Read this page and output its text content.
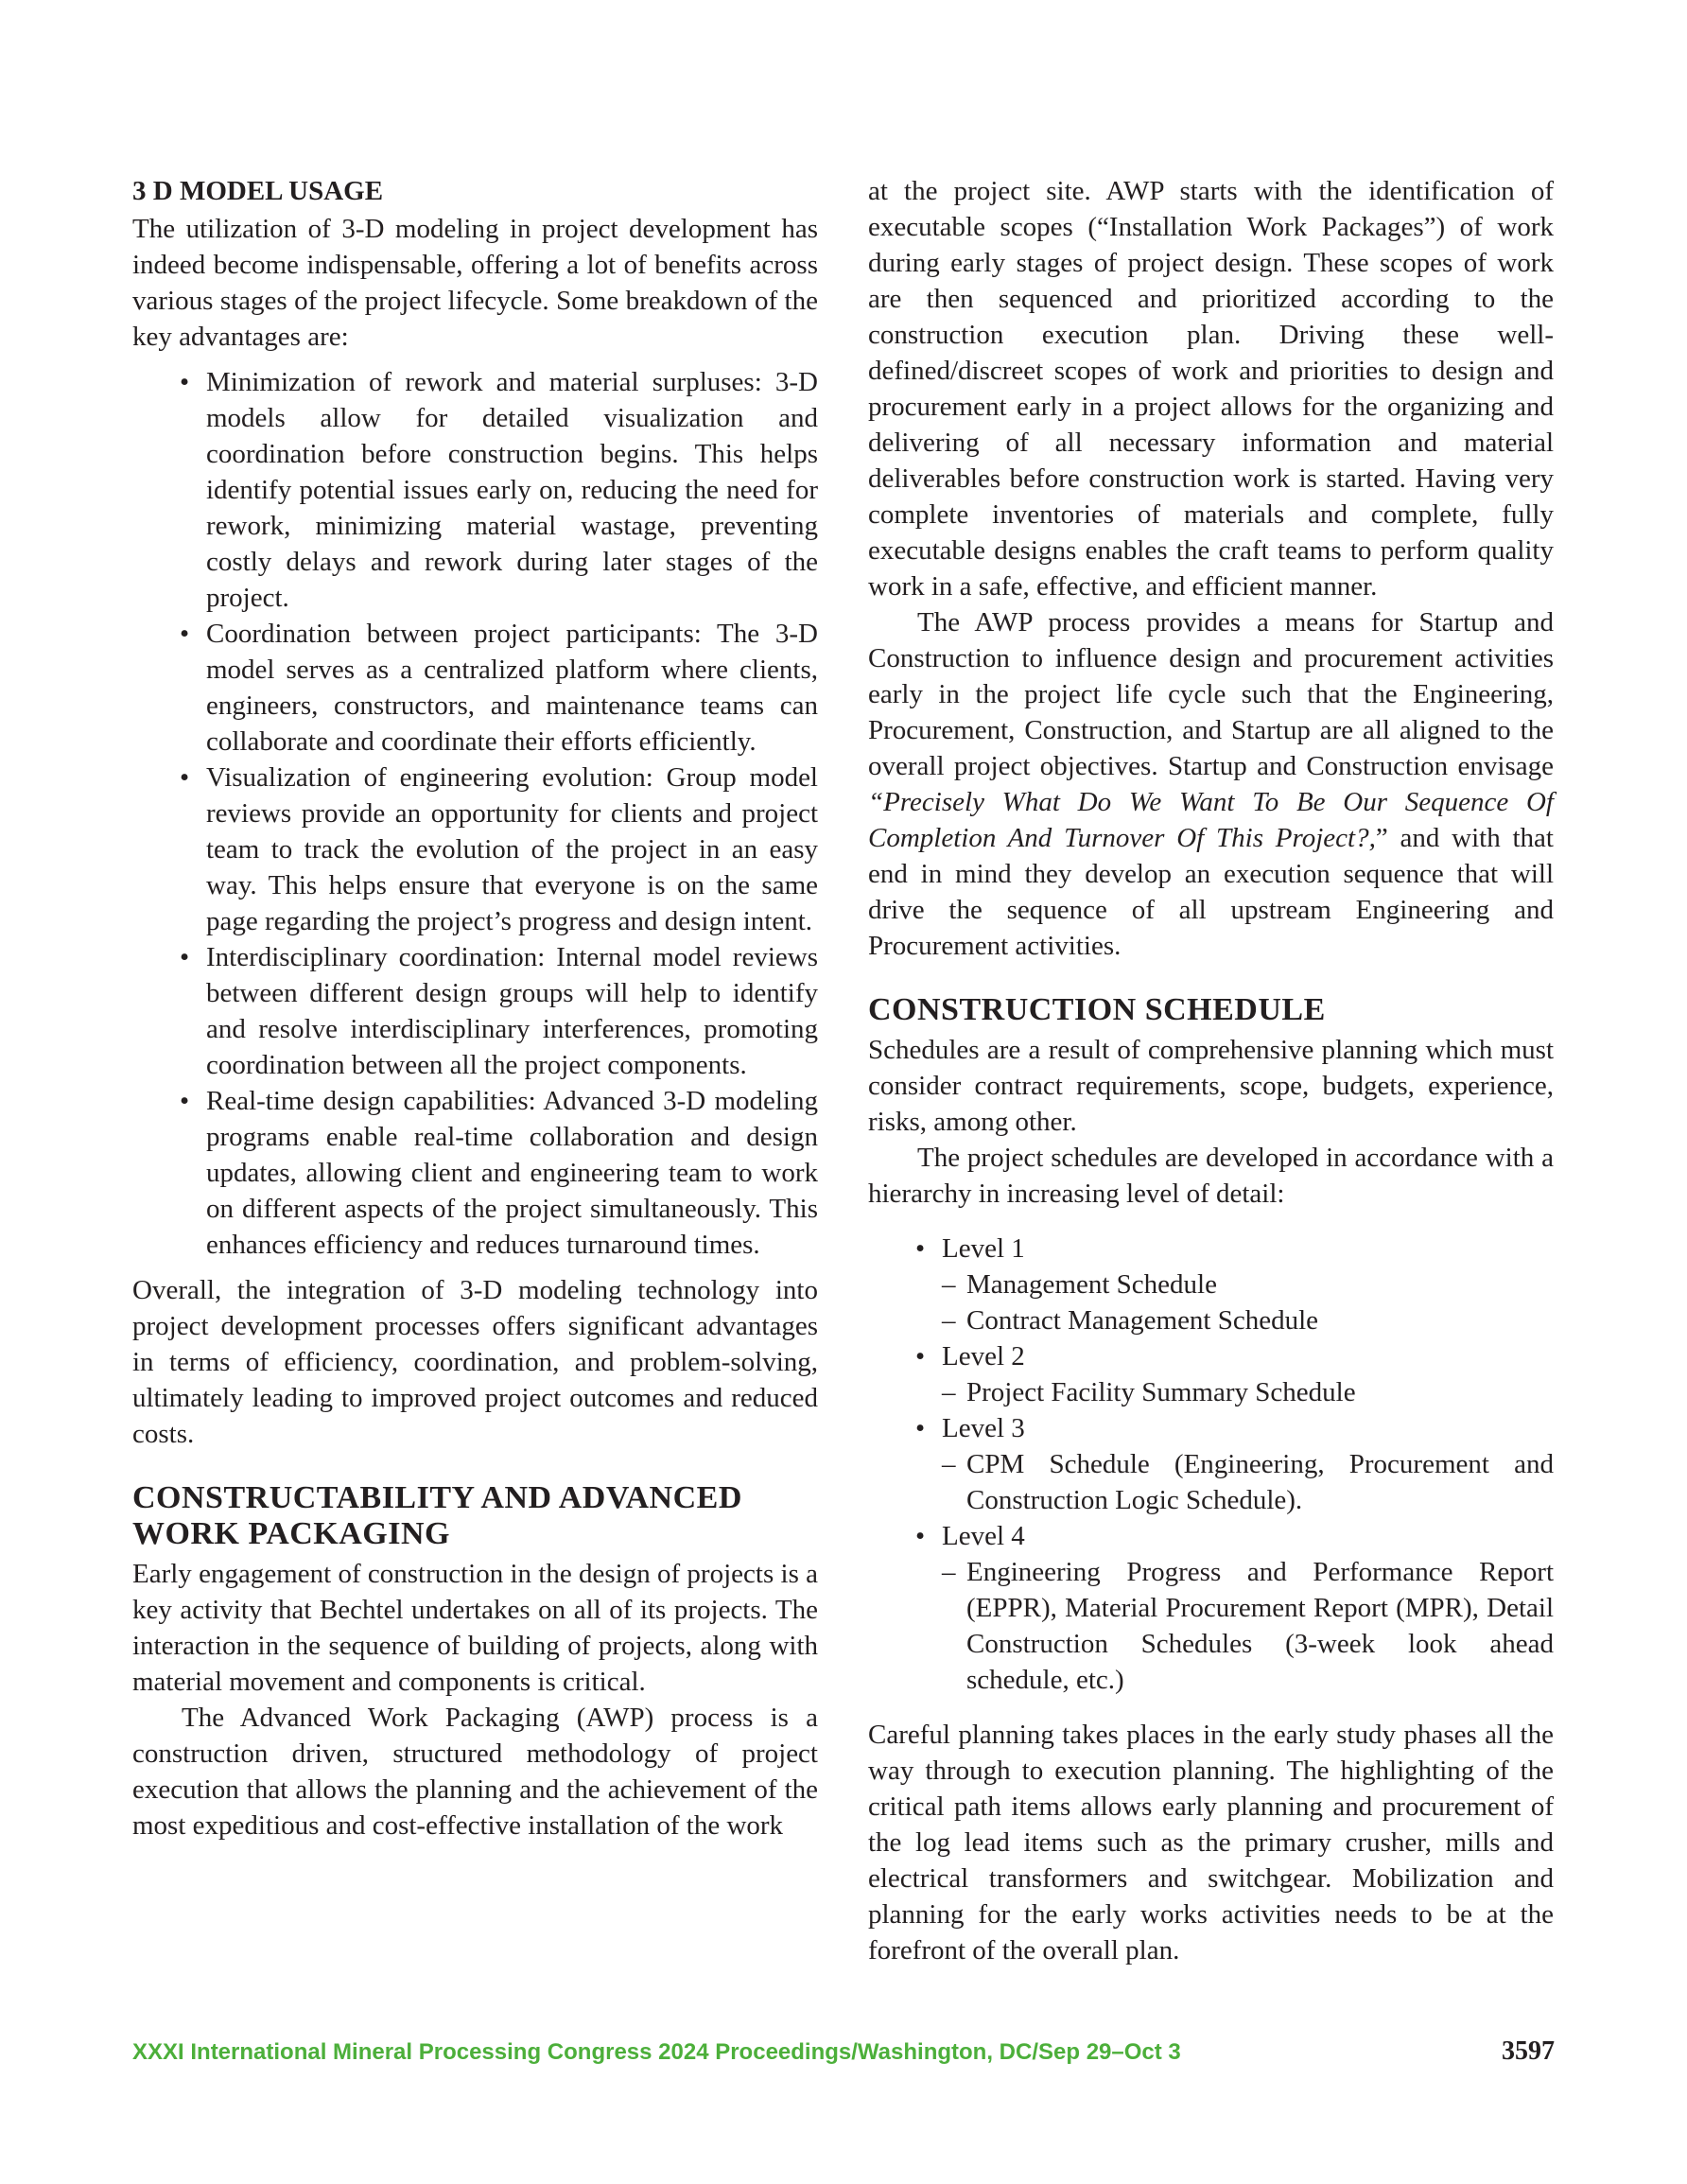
3 D MODEL USAGE

The utilization of 3-D modeling in project development has indeed become indispensable, offering a lot of benefits across various stages of the project lifecycle. Some breakdown of the key advantages are:

• Minimization of rework and material surpluses: 3-D models allow for detailed visualization and coordination before construction begins. This helps identify potential issues early on, reducing the need for rework, minimizing material wastage, preventing costly delays and rework during later stages of the project.
• Coordination between project participants: The 3-D model serves as a centralized platform where clients, engineers, constructors, and maintenance teams can collaborate and coordinate their efforts efficiently.
• Visualization of engineering evolution: Group model reviews provide an opportunity for clients and project team to track the evolution of the project in an easy way. This helps ensure that everyone is on the same page regarding the project’s progress and design intent.
• Interdisciplinary coordination: Internal model reviews between different design groups will help to identify and resolve interdisciplinary interferences, promoting coordination between all the project components.
• Real-time design capabilities: Advanced 3-D modeling programs enable real-time collaboration and design updates, allowing client and engineering team to work on different aspects of the project simultaneously. This enhances efficiency and reduces turnaround times.

Overall, the integration of 3-D modeling technology into project development processes offers significant advantages in terms of efficiency, coordination, and problem-solving, ultimately leading to improved project outcomes and reduced costs.

CONSTRUCTABILITY AND ADVANCED WORK PACKAGING

Early engagement of construction in the design of projects is a key activity that Bechtel undertakes on all of its projects. The interaction in the sequence of building of projects, along with material movement and components is critical.

The Advanced Work Packaging (AWP) process is a construction driven, structured methodology of project execution that allows the planning and the achievement of the most expeditious and cost-effective installation of the work

at the project site. AWP starts with the identification of executable scopes (“Installation Work Packages”) of work during early stages of project design. These scopes of work are then sequenced and prioritized according to the construction execution plan. Driving these well-defined/discreet scopes of work and priorities to design and procurement early in a project allows for the organizing and delivering of all necessary information and material deliverables before construction work is started. Having very complete inventories of materials and complete, fully executable designs enables the craft teams to perform quality work in a safe, effective, and efficient manner.

The AWP process provides a means for Startup and Construction to influence design and procurement activities early in the project life cycle such that the Engineering, Procurement, Construction, and Startup are all aligned to the overall project objectives. Startup and Construction envisage “Precisely What Do We Want To Be Our Sequence Of Completion And Turnover Of This Project?,” and with that end in mind they develop an execution sequence that will drive the sequence of all upstream Engineering and Procurement activities.

CONSTRUCTION SCHEDULE

Schedules are a result of comprehensive planning which must consider contract requirements, scope, budgets, experience, risks, among other.

The project schedules are developed in accordance with a hierarchy in increasing level of detail:

• Level 1
– Management Schedule
– Contract Management Schedule
• Level 2
– Project Facility Summary Schedule
• Level 3
– CPM Schedule (Engineering, Procurement and Construction Logic Schedule).
• Level 4
– Engineering Progress and Performance Report (EPPR), Material Procurement Report (MPR), Detail Construction Schedules (3-week look ahead schedule, etc.)

Careful planning takes places in the early study phases all the way through to execution planning. The highlighting of the critical path items allows early planning and procurement of the log lead items such as the primary crusher, mills and electrical transformers and switchgear. Mobilization and planning for the early works activities needs to be at the forefront of the overall plan.

XXXI International Mineral Processing Congress 2024 Proceedings/Washington, DC/Sep 29–Oct 3	3597
